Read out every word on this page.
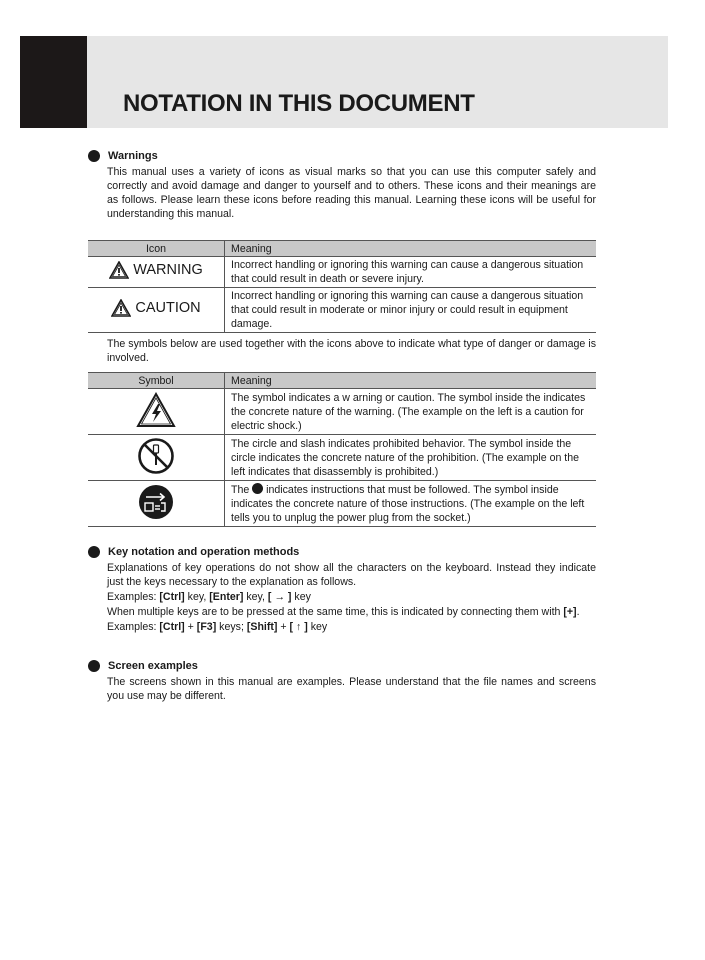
NOTATION IN THIS DOCUMENT
Warnings

This manual uses a variety of icons as visual marks so that you can use this computer safely and correctly and avoid damage and danger to yourself and to others. These icons and their meanings are as follows. Please learn these icons before reading this manual. Learning these icons will be useful for understanding this manual.

Icon	Meaning

WARNING	Incorrect handling or ignoring this warning can cause a dangerous situation that could result in death or severe injury.

CAUTION	Incorrect handling or ignoring this warning can cause a dangerous situation that could result in moderate or minor injury or could result in equipment damage.

The symbols below are used together with the icons above to indicate what type of danger or damage is involved.

Symbol	Meaning
	The symbol indicates a w arning or caution. The symbol inside the indicates the concrete nature of the warning. (The example on the left is a caution for electric shock.)
	The circle and slash indicates prohibited behavior. The symbol inside the circle indicates the concrete nature of the prohibition. (The example on the left indicates that disassembly is prohibited.)
	The  indicates instructions that must be followed. The symbol inside indicates the concrete nature of those instructions. (The example on the left tells you to unplug the power plug from the socket.)
Key notation and operation methods

Explanations of key operations do not show all the characters on the keyboard. Instead they indicate just the keys necessary to the explanation as follows.

Examples: [Ctrl] key, [Enter] key, [ → ] key

When multiple keys are to be pressed at the same time, this is indicated by connecting them with [+].

Examples: [Ctrl] + [F3] keys; [Shift] + [ ↑ ] key

Screen examples

The screens shown in this manual are examples. Please understand that the file names and screens you use may be different.
